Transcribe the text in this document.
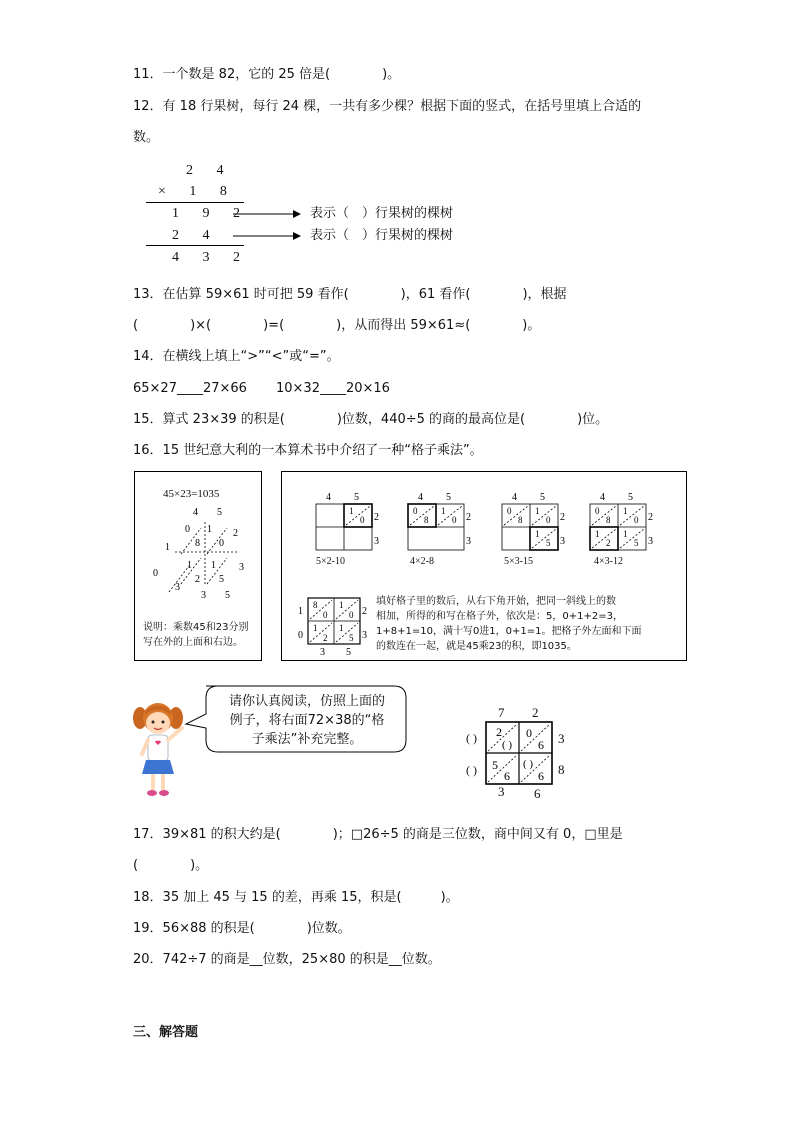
11．一个数是 82，它的 25 倍是(　　　　)。
12．有 18 行果树，每行 24 棵，一共有多少棵？根据下面的竖式，在括号里填上合适的
数。
2 4
× 1 8
1 9 2
2 4
4 3 2
表示（　）行果树的棵树
表示（　）行果树的棵树
13．在估算 59×61 时可把 59 看作(　　　　)，61 看作(　　　　)，根据
(　　　　)×(　　　　)=(　　　　)，从而得出 59×61≈(　　　　)。
14．在横线上填上“>”“<”或“=”。
65×27____27×66 10×32____20×16
15．算式 23×39 的积是(　　　　)位数，440÷5 的商的最高位是(　　　　)位。
16．15 世纪意大利的一本算术书中介绍了一种“格子乘法”。
45×23=1035
4 5
0 1 2
8 0
1
1 1 3
2 5
0
3
3 5
说明：乘数45和23分别
写在外的上面和右边。
4 5
1
0 2
3
5×2-10
4 5
0
8
1
0 2
3
4×2-8
4 5
0
8
1
0
1
5
2
3
5×3-15
4 5
0
8
1
0
1
2
1
5
2
3
4×3-12
8
0
1
0
1
2
1
5
1
0
2
3
3 5
填好格子里的数后，从右下角开始，把同一斜线上的数
相加，所得的和写在格子外，依次是：5，0+1+2=3，
1+8+1=10，满十写0进1，0+1=1。把格子外左面和下面
的数连在一起，就是45乘23的积，即1035。
请你认真阅读，仿照上面的
例子，将右面72×38的“格
子乘法”补充完整。
7 2
2
( )
0
6
5
6
( )
6
( )
( )
3
8
3 6
17．39×81 的积大约是(　　　　)；□26÷5 的商是三位数，商中间又有 0，□里是
(　　　　)。
18．35 加上 45 与 15 的差，再乘 15，积是(　　　)。
19．56×88 的积是(　　　　)位数。
20．742÷7 的商是__位数，25×80 的积是__位数。
三、解答题
